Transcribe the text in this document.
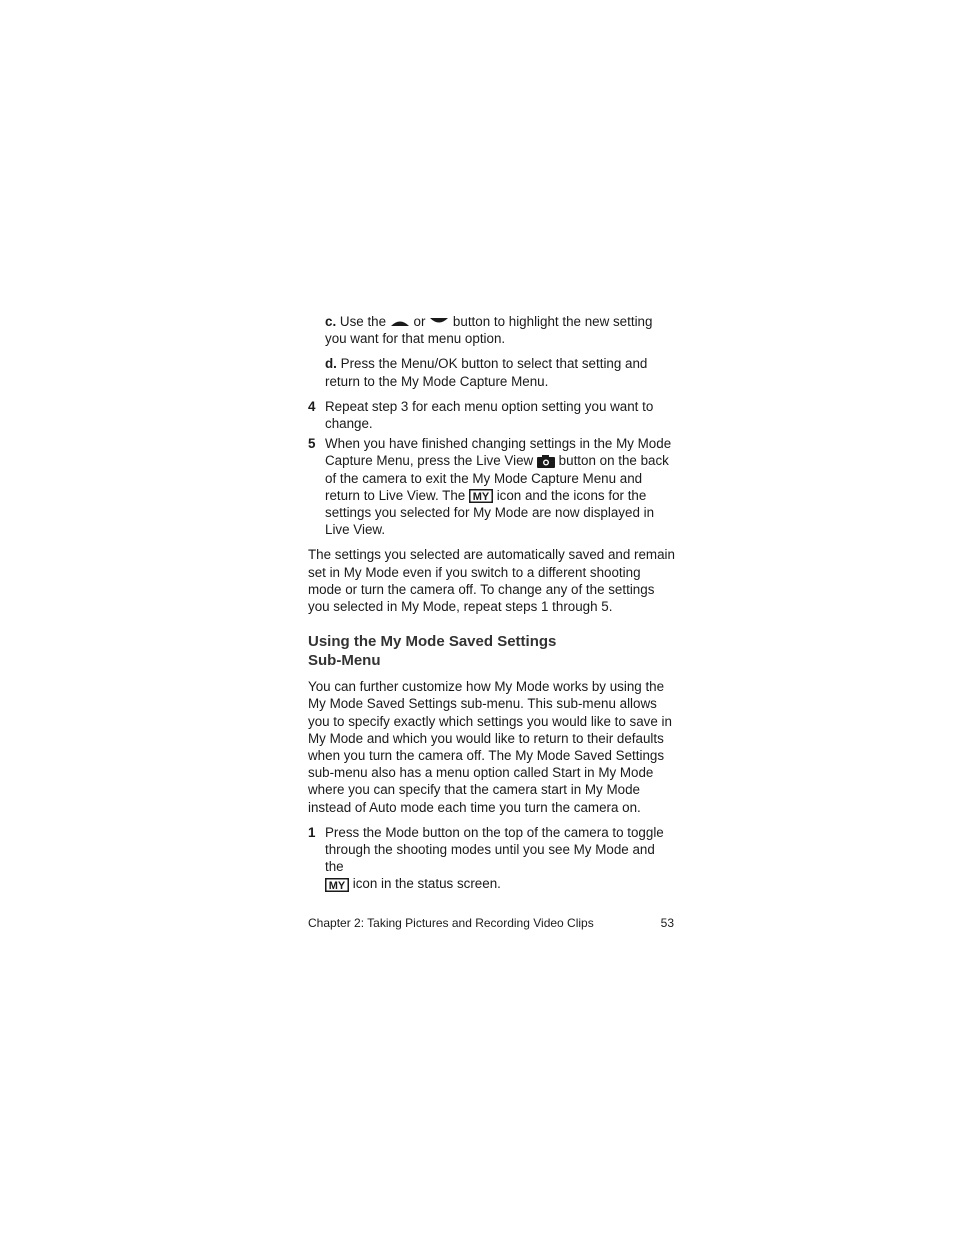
c. Use the or button to highlight the new setting you want for that menu option.
d. Press the Menu/OK button to select that setting and return to the My Mode Capture Menu.
4 Repeat step 3 for each menu option setting you want to change.
5 When you have finished changing settings in the My Mode Capture Menu, press the Live View button on the back of the camera to exit the My Mode Capture Menu and return to Live View. The MY icon and the icons for the settings you selected for My Mode are now displayed in Live View.
The settings you selected are automatically saved and remain set in My Mode even if you switch to a different shooting mode or turn the camera off. To change any of the settings you selected in My Mode, repeat steps 1 through 5.
Using the My Mode Saved Settings
Sub-Menu
You can further customize how My Mode works by using the My Mode Saved Settings sub-menu. This sub-menu allows you to specify exactly which settings you would like to save in My Mode and which you would like to return to their defaults when you turn the camera off. The My Mode Saved Settings sub-menu also has a menu option called Start in My Mode where you can specify that the camera start in My Mode instead of Auto mode each time you turn the camera on.
1 Press the Mode button on the top of the camera to toggle through the shooting modes until you see My Mode and the

MY icon in the status screen.
Chapter 2: Taking Pictures and Recording Video Clips	53
